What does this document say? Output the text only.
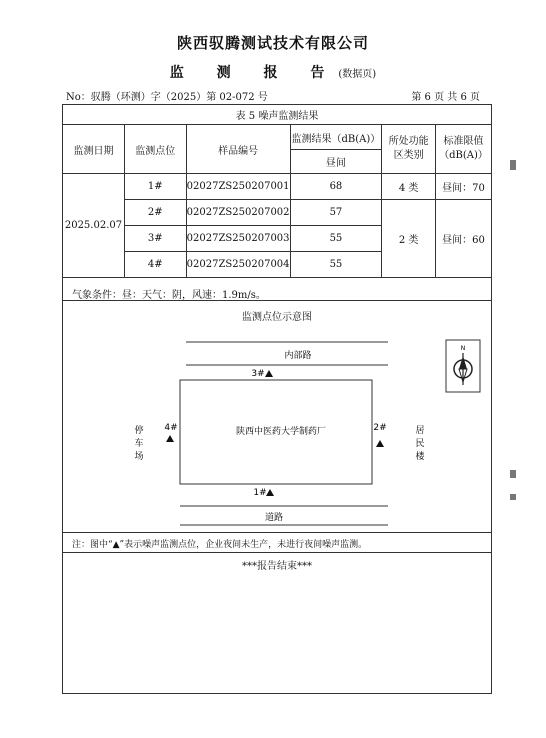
陕西驭腾测试技术有限公司
监 测 报 告(数据页)
No：驭腾（环测）字（2025）第 02-072 号	第 6 页 共 6 页
表 5 噪声监测结果					
监测日期	监测点位	样品编号	监测结果（dB(A)）	所处功能区类别	标准限值（dB(A)）
			昼间		
2025.02.07	1#	02027ZS250207001	68	4 类	昼间：70
	2#	02027ZS250207002	57	2 类	昼间：60
	3#	02027ZS250207003	55		
	4#	02027ZS250207004	55		
气象条件：昼：天气：阴，风速：1.9m/s。
监测点位示意图
内部路
3#
陕西中医药大学制药厂
4#	2#
1#
停
车
场
居
民
楼
道路
N
注：图中“▲”表示噪声监测点位，企业夜间未生产，未进行夜间噪声监测。
***报告结束***
